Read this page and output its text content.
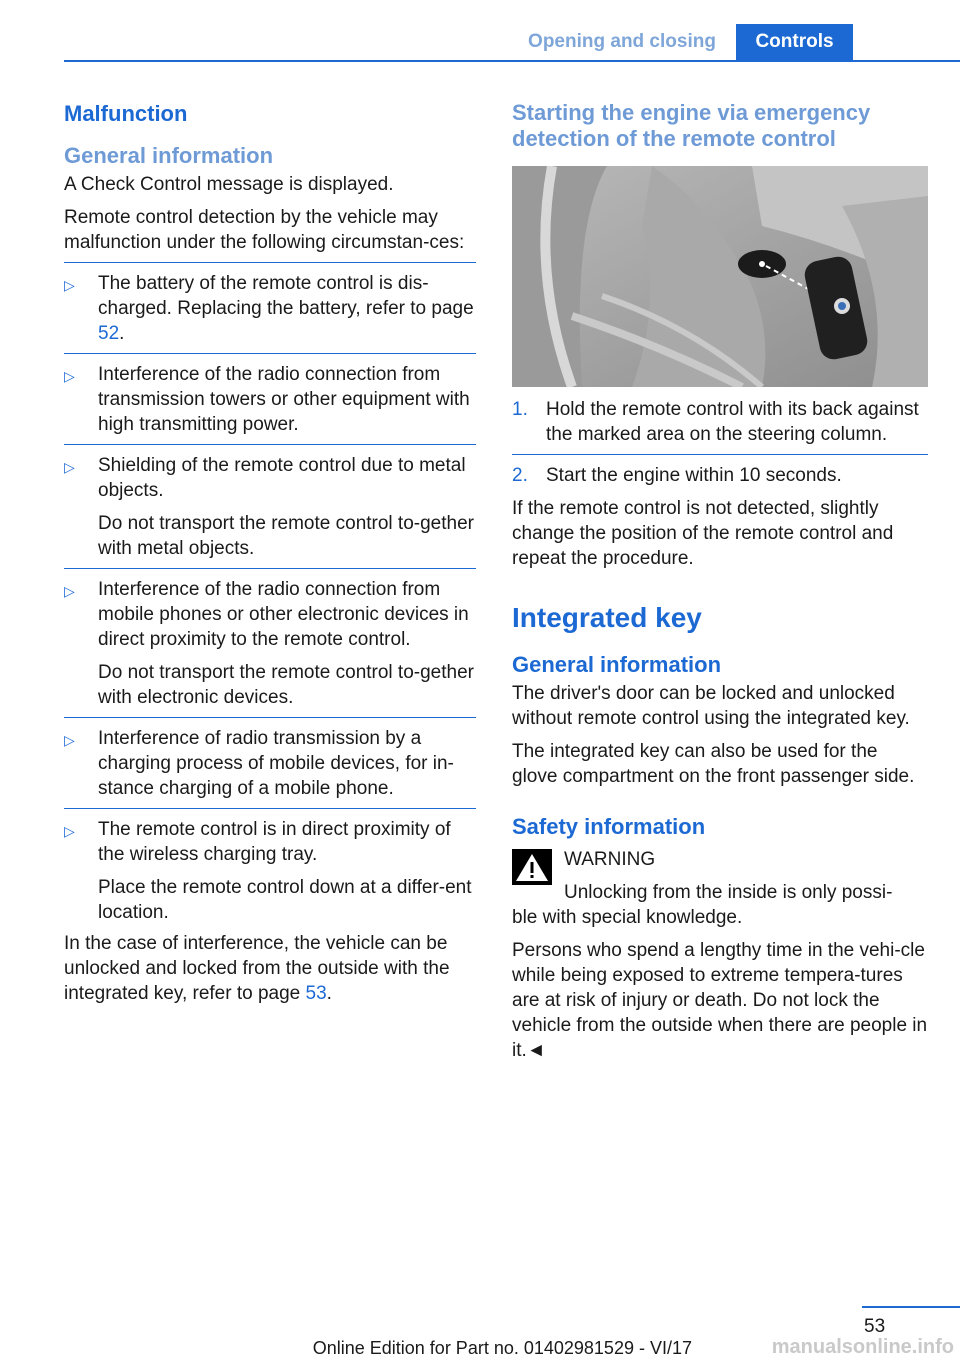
Opening and closing	Controls
Malfunction
General information

A Check Control message is displayed.

Remote control detection by the vehicle may malfunction under the following circumstan‐ces:

▷ The battery of the remote control is dis‐charged. Replacing the battery, refer to page 52.
▷ Interference of the radio connection from transmission towers or other equipment with high transmitting power.
▷ Shielding of the remote control due to metal objects.
Do not transport the remote control to‐gether with metal objects.
▷ Interference of the radio connection from mobile phones or other electronic devices in direct proximity to the remote control.
Do not transport the remote control to‐gether with electronic devices.
▷ Interference of radio transmission by a charging process of mobile devices, for in‐stance charging of a mobile phone.
▷ The remote control is in direct proximity of the wireless charging tray.
Place the remote control down at a differ‐ent location.

In the case of interference, the vehicle can be unlocked and locked from the outside with the integrated key, refer to page 53.

Starting the engine via emergency detection of the remote control
1. Hold the remote control with its back against the marked area on the steering column.
2. Start the engine within 10 seconds.

If the remote control is not detected, slightly change the position of the remote control and repeat the procedure.

Integrated key
General information

The driver's door can be locked and unlocked without remote control using the integrated key.

The integrated key can also be used for the glove compartment on the front passenger side.

Safety information

WARNING

Unlocking from the inside is only possi‐

ble with special knowledge.

Persons who spend a lengthy time in the vehi‐cle while being exposed to extreme tempera‐tures are at risk of injury or death. Do not lock the vehicle from the outside when there are people in it.◄

53
Online Edition for Part no. 01402981529 - VI/17	manualsonline.info
